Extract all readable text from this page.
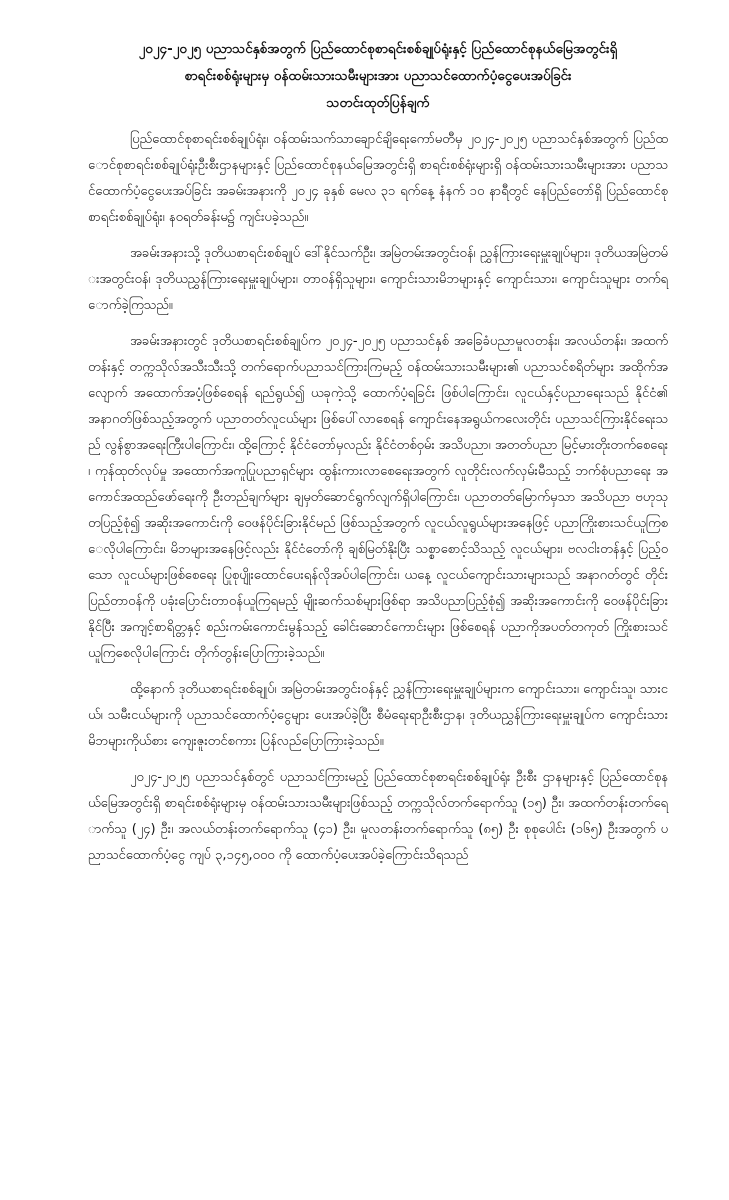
၂၀၂၄-၂၀၂၅ ပညာသင်နှစ်အတွက် ပြည်ထောင်စုစာရင်းစစ်ချုပ်ရုံးနှင့် ပြည်ထောင်စုနယ်မြေအတွင်းရှိ

စာရင်းစစ်ရုံးများမှ ဝန်ထမ်းသားသမီးများအား ပညာသင်ထောက်ပံ့ငွေပေးအပ်ခြင်း

သတင်းထုတ်ပြန်ချက်

ပြည်ထောင်စုစာရင်းစစ်ချုပ်ရုံး၊ ဝန်ထမ်းသက်သာချောင်ချိရေးကော်မတီမှ ၂၀၂၄-၂၀၂၅ ပညာသင်နှစ်အတွက် ပြည်ထောင်စုစာရင်းစစ်ချုပ်ရုံးဦးစီးဌာနများနှင့် ပြည်ထောင်စုနယ်မြေအတွင်းရှိ စာရင်းစစ်ရုံးများရှိ ဝန်ထမ်းသားသမီးများအား ပညာသင်ထောက်ပံ့ငွေပေးအပ်ခြင်း အခမ်းအနားကို ၂၀၂၄ ခုနှစ် မေလ ၃၁ ရက်နေ့ နံနက် ၁၀ နာရီတွင် နေပြည်တော်ရှိ ပြည်ထောင်စုစာရင်းစစ်ချုပ်ရုံး၊ နဝရတ်ခန်းမ၌ ကျင်းပခဲ့သည်။

အခမ်းအနားသို့ ဒုတိယစာရင်းစစ်ချုပ် ဒေါ်နိုင်သက်ဦး၊ အမြဲတမ်းအတွင်းဝန်၊ ညွှန်ကြားရေးမှူးချုပ်များ၊ ဒုတိယအမြဲတမ်းအတွင်းဝန်၊ ဒုတိယညွှန်ကြားရေးမှူးချုပ်များ၊ တာဝန်ရှိသူများ၊ ကျောင်းသားမိဘများနှင့် ကျောင်းသား၊ ကျောင်းသူများ တက်ရောက်ခဲ့ကြသည်။

အခမ်းအနားတွင် ဒုတိယစာရင်းစစ်ချုပ်က ၂၀၂၄-၂၀၂၅ ပညာသင်နှစ် အခြေခံပညာမူလတန်း၊ အလယ်တန်း၊ အထက်တန်းနှင့် တက္ကသိုလ်အသီးသီးသို့ တက်ရောက်ပညာသင်ကြားကြမည့် ဝန်ထမ်းသားသမီးများ၏ ပညာသင်စရိတ်များ အထိုက်အလျောက် အထောက်အပံ့ဖြစ်စေရန် ရည်ရွယ်၍ ယခုကဲ့သို့ ထောက်ပံ့ရခြင်း ဖြစ်ပါကြောင်း၊ လူငယ်နှင့်ပညာရေးသည် နိုင်ငံ၏ အနာဂတ်ဖြစ်သည့်အတွက် ပညာတတ်လူငယ်များ ဖြစ်ပေါ်လာစေရန် ကျောင်းနေအရွယ်ကလေးတိုင်း ပညာသင်ကြားနိုင်ရေးသည် လွန်စွာအရေးကြီးပါကြောင်း၊ ထို့ကြောင့် နိုင်ငံတော်မှလည်း နိုင်ငံတစ်ဝှမ်း အသိပညာ၊ အတတ်ပညာ မြင့်မားတိုးတက်စေရေး၊ ကုန်ထုတ်လုပ်မှု အထောက်အကူပြုပညာရှင်များ ထွန်းကားလာစေရေးအတွက် လူတိုင်းလက်လှမ်းမီသည့် ဘက်စုံပညာရေး အကောင်အထည်ဖော်ရေးကို ဦးတည်ချက်များ ချမှတ်ဆောင်ရွက်လျက်ရှိပါကြောင်း၊ ပညာတတ်မြောက်မှသာ အသိပညာ ဗဟုသုတပြည့်စုံ၍ အဆိုးအကောင်းကို ဝေဖန်ပိုင်းခြားနိုင်မည် ဖြစ်သည့်အတွက် လူငယ်လူရွယ်များအနေဖြင့် ပညာကြိုးစားသင်ယူကြစေလိုပါကြောင်း၊ မိဘများအနေဖြင့်လည်း နိုင်ငံတော်ကို ချစ်မြတ်နိုးပြီး သစ္စာစောင့်သိသည့် လူငယ်များ၊ ဗလငါးတန်နှင့် ပြည့်ဝသော လူငယ်များဖြစ်စေရေး ပြုစုပျိုးထောင်ပေးရန်လိုအပ်ပါကြောင်း၊ ယနေ့ လူငယ်ကျောင်းသားများသည် အနာဂတ်တွင် တိုင်းပြည်တာဝန်ကို ပခုံးပြောင်းတာဝန်ယူကြရမည့် မျိုးဆက်သစ်များဖြစ်ရာ အသိပညာပြည့်စုံ၍ အဆိုးအကောင်းကို ဝေဖန်ပိုင်းခြားနိုင်ပြီး အကျင့်စာရိတ္တနှင့် စည်းကမ်းကောင်းမွန်သည့် ခေါင်းဆောင်ကောင်းများ ဖြစ်စေရန် ပညာကိုအပတ်တကုတ် ကြိုးစားသင်ယူကြစေလိုပါကြောင်း တိုက်တွန်းပြောကြားခဲ့သည်။

ထို့နောက် ဒုတိယစာရင်းစစ်ချုပ်၊ အမြဲတမ်းအတွင်းဝန်နှင့် ညွှန်ကြားရေးမှူးချုပ်များက ကျောင်းသား၊ ကျောင်းသူ၊ သားငယ်၊ သမီးငယ်များကို ပညာသင်ထောက်ပံ့ငွေများ ပေးအပ်ခဲ့ပြီး စီမံရေးရာဦးစီးဌာန၊ ဒုတိယညွှန်ကြားရေးမှူးချုပ်က ကျောင်းသားမိဘများကိုယ်စား ကျေးဇူးတင်စကား ပြန်လည်ပြောကြားခဲ့သည်။

၂၀၂၄-၂၀၂၅ ပညာသင်နှစ်တွင် ပညာသင်ကြားမည့် ပြည်ထောင်စုစာရင်းစစ်ချုပ်ရုံး ဦးစီး ဌာနများနှင့် ပြည်ထောင်စုနယ်မြေအတွင်းရှိ စာရင်းစစ်ရုံးများမှ ဝန်ထမ်းသားသမီးများဖြစ်သည့် တက္ကသိုလ်တက်ရောက်သူ (၁၅) ဦး၊ အထက်တန်းတက်ရောက်သူ (၂၄) ဦး၊ အလယ်တန်းတက်ရောက်သူ (၄၁) ဦး၊ မူလတန်းတက်ရောက်သူ (၈၅) ဦး စုစုပေါင်း (၁၆၅) ဦးအတွက် ပညာသင်ထောက်ပံ့ငွေ ကျပ် ၃,၁၄၅,၀၀၀ ကို ထောက်ပံ့ပေးအပ်ခဲ့ကြောင်းသိရသည်
